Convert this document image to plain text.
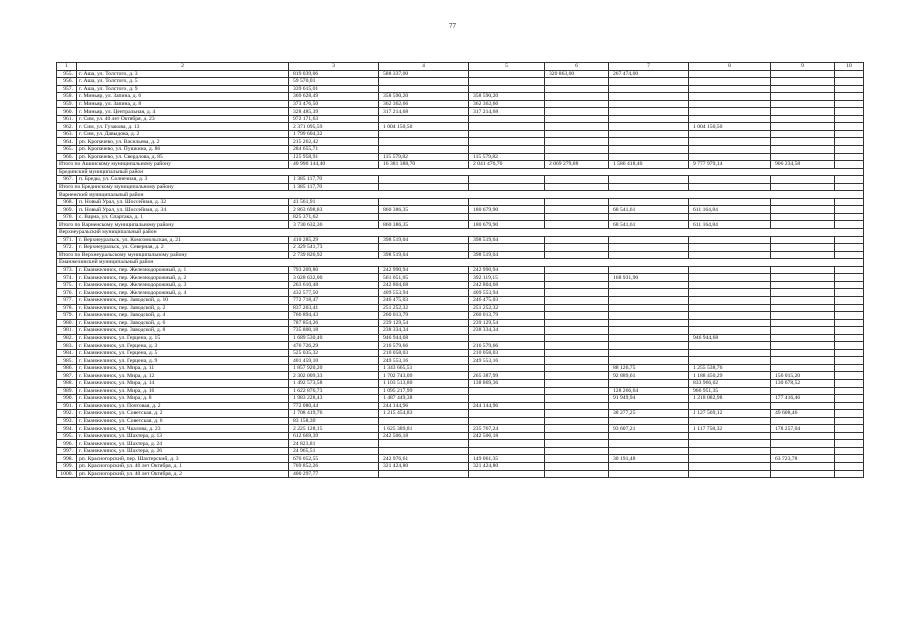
77
1	2	3	4	5	6	7	8	9	10
955.	г. Аша, ул. Толстого, д. 3	819 039,06	588 337,00		320 863,00	267 474,00			
956.	г. Аша, ул. Толстого, д. 5	59 570,01							
957.	г. Аша, ул. Толстого, д. 9	339 615,01							
958.	г. Миньяр, ул. Запина, д. 6	369 628,49	358 590,20	358 590,20					
959.	г. Миньяр, ул. Запина, д. 8	373 476,50	362 362,66	362 362,66					
960.	г. Миньяр, ул. Центральная, д. 4	328 485,39	317 214,68	317 214,68					
961.	г. Сим, ул. 40 лет Октября, д. 23	972 171,63							
962.	г. Сим, ул. Гузакова, д. 13	2 371 095,59	1 004 150,50				1 004 150,50		
963.	г. Сим, ул. Давыдова, д. 2	1 799 604,32							
964.	рп. Кропачево, ул. Васильева, д. 2	215 262,42							
965.	рп. Кропачево, ул. Пушкина, д. 86	284 655,71							
966.	рп. Кропачево, ул. Свердлова, д. 85	125 958,91	115 579,82	115 579,82					
Итого по Ашинскому муниципальному району		40 990 144,40	16 381 388,70	2 041 476,70	2 069 279,88	1 586 418,40	9 777 979,14	906 234,58	
Брединский муниципальный район									
967.	п. Бреды, ул. Солнечная, д. 3	1 385 117,70							
Итого по Брединскому муниципальному району		1 385 117,70							
Варненский муниципальный район									
968.	п. Новый Урал, ул. Шоссейная, д. 32	41 561,91							
969.	п. Новый Урал, ул. Шоссейная, д. 34	2 863 698,83	860 386,35	180 679,90		68 541,61	611 164,84		
970.	с. Варна, ул. Спартака, д. 1	825 371,62							
Итого по Варненскому муниципальному району		3 730 632,36	860 386,35	180 679,90		68 541,61	611 164,84		
Верхнеуральский муниципальный район									
971.	г. Верхнеуральск, ул. Комсомольская, д. 21	410 285,29	398 519,04	398 519,04					
972.	г. Верхнеуральск, ул. Северная, д. 2	2 329 541,73							
Итого по Верхнеуральскому муниципальному району		2 739 826,92	398 519,04	398 519,04					
Еманжелинский муниципальный район									
973.	г. Еманжелинск, пер. Железнодорожный, д. 1	793 209,80	242 990,94	242 990,94					
974.	г. Еманжелинск, пер. Железнодорожный, д. 2	3 028 632,00	561 051,05	392 119,15		168 931,90			
975.	г. Еманжелинск, пер. Железнодорожный, д. 3	263 610,48	242 804,68	242 804,68					
976.	г. Еманжелинск, пер. Железнодорожный, д. 4	432 577,50	409 553,94	409 553,94					
977.	г. Еманжелинск, пер. Заводской, д. 10	772 718,47	246 475,03	246 475,03					
978.	г. Еманжелинск, пер. Заводской, д. 2	837 203,41	251 252,32	251 252,32					
979.	г. Еманжелинск, пер. Заводской, д. 4	766 894,43	260 013,79	260 013,79					
980.	г. Еманжелинск, пер. Заводской, д. 6	787 854,26	239 129,54	239 129,54					
981.	г. Еманжелинск, пер. Заводской, д. 8	735 800,18	238 334,34	238 334,34					
982.	г. Еманжелинск, ул. Герцена, д. 15	1 689 530,40	946 944,68				946 944,68		
983.	г. Еманжелинск, ул. Герцена, д. 3	476 726,29	216 579,66	216 579,66					
984.	г. Еманжелинск, ул. Герцена, д. 5	525 035,32	210 058,03	210 058,03					
985.	г. Еманжелинск, ул. Герцена, д. 9	401 459,10	249 553,16	249 553,16					
986.	г. Еманжелинск, ул. Мира, д. 11	1 857 920,20	1 343 665,51			88 126,75	1 255 538,76		
987.	г. Еманжелинск, ул. Мира, д. 12	2 302 009,33	1 702 743,09	265 387,99		92 889,61	1 188 450,29	156 015,20	
988.	г. Еманжелинск, ул. Мира, д. 14	1 492 573,58	1 103 513,80	138 869,36			833 966,02	130 678,52	
989.	г. Еманжелинск, ул. Мира, д. 16	1 622 876,73	1 095 217,99			128 266,64	966 951,35		
990.	г. Еманжелинск, ул. Мира, д. 8	1 983 228,43	1 487 449,38			91 949,94	1 218 082,98	177 416,46	
991.	г. Еманжелинск, ул. Почтовая, д. 2	772 080,44	244 144,96	244 144,96					
992.	г. Еманжелинск, ул. Советская, д. 2	1 708 419,76	1 215 454,83			38 277,25	1 127 569,12	49 608,46	
993.	г. Еманжелинск, ул. Советская, д. 6	83 158,30							
994.	г. Еманжелинск, ул. Чкалова, д. 23	2 225 128,15	1 625 389,81	235 767,24		93 607,21	1 117 758,32	178 257,04	
995.	г. Еманжелинск, ул. Шахтера, д. 13	612 669,39	242 506,18	242 506,18					
996.	г. Еманжелинск, ул. Шахтера, д. 24	24 823,81							
997.	г. Еманжелинск, ул. Шахтера, д. 26	24 965,51							
998.	рп. Красногорский, пер. Шахтерский, д. 3	670 052,55	242 976,61	149 061,35		30 191,48		63 723,78	
999.	рп. Красногорский, ул. 40 лет Октября, д. 1	769 852,26	321 424,80	321 424,80					
1000.	рп. Красногорский, ул. 40 лет Октября, д. 2	400 297,77							
